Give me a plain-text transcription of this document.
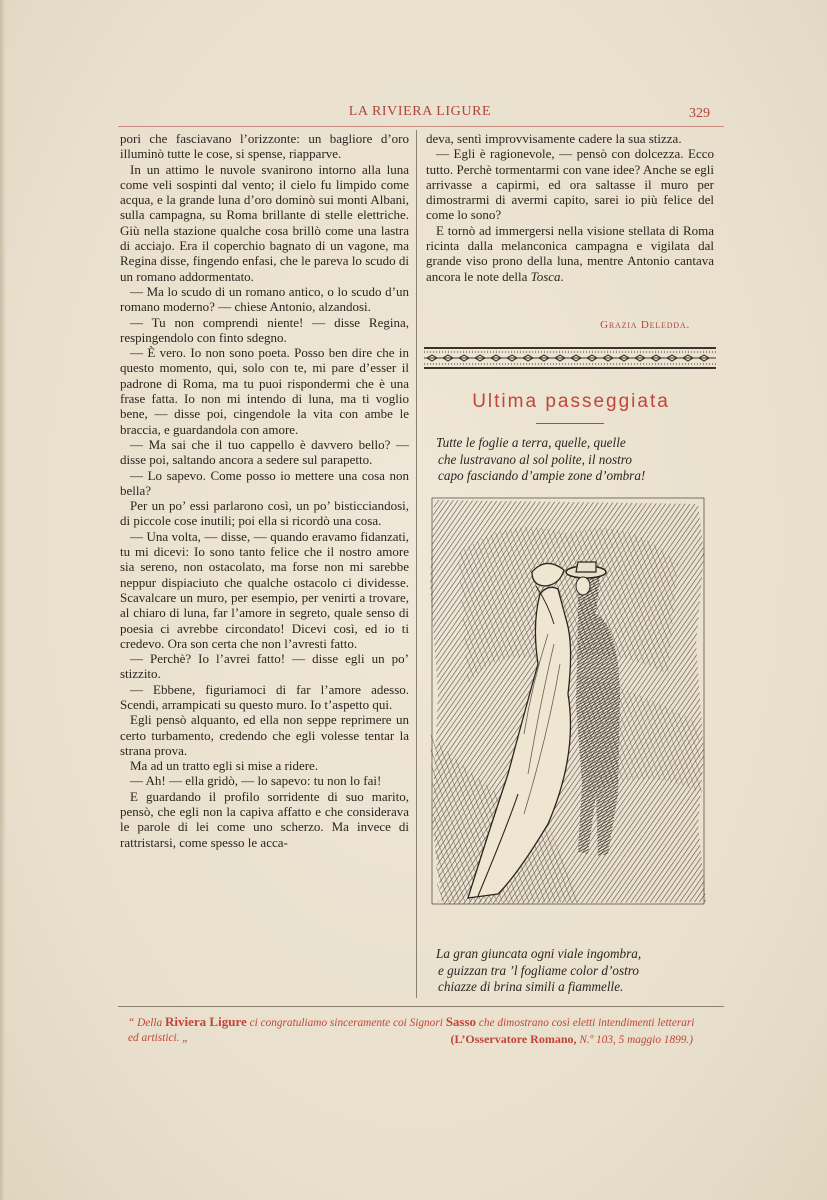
LA RIVIERA LIGURE	329

pori che fasciavano l’orizzonte: un bagliore d’oro illuminò tutte le cose, si spense, riapparve.

In un attimo le nuvole svanirono intorno alla luna come veli sospinti dal vento; il cielo fu limpido come acqua, e la grande luna d’oro dominò sui monti Albani, sulla campagna, su Roma brillante di stelle elettriche. Giù nella stazione qualche cosa brillò come una lastra di acciajo. Era il coperchio bagnato di un vagone, ma Regina disse, fingendo enfasi, che le pareva lo scudo di un romano addormentato.

— Ma lo scudo di un romano antico, o lo scudo d’un romano moderno? — chiese Antonio, alzandosi.

— Tu non comprendi niente! — disse Regina, respingendolo con finto sdegno.

— È vero. Io non sono poeta. Posso ben dire che in questo momento, qui, solo con te, mi pare d’esser il padrone di Roma, ma tu puoi rispondermi che è una frase fatta. Io non mi intendo di luna, ma ti voglio bene, — disse poi, cingendole la vita con ambe le braccia, e guardandola con amore.

— Ma sai che il tuo cappello è davvero bello? — disse poi, saltando ancora a sedere sul parapetto.

— Lo sapevo. Come posso io mettere una cosa non bella?

Per un po’ essi parlarono così, un po’ bisticciandosi, di piccole cose inutili; poi ella si ricordò una cosa.

— Una volta, — disse, — quando eravamo fidanzati, tu mi dicevi: Io sono tanto felice che il nostro amore sia sereno, non ostacolato, ma forse non mi sarebbe neppur dispiaciuto che qualche ostacolo ci dividesse. Scavalcare un muro, per esempio, per venirti a trovare, al chiaro di luna, far l’amore in segreto, quale senso di poesia ci avrebbe circondato! Dicevi così, ed io ti credevo. Ora son certa che non l’avresti fatto.

— Perchè? Io l’avrei fatto! — disse egli un po’ stizzito.

— Ebbene, figuriamoci di far l’amore adesso. Scendi, arrampicati su questo muro. Io t’aspetto qui.

Egli pensò alquanto, ed ella non seppe reprimere un certo turbamento, credendo che egli volesse tentar la strana prova.

Ma ad un tratto egli si mise a ridere.

— Ah! — ella gridò, — lo sapevo: tu non lo fai!

E guardando il profilo sorridente di suo marito, pensò, che egli non la capiva affatto e che considerava le parole di lei come uno scherzo. Ma invece di rattristarsi, come spesso le acca-

deva, sentì improvvisamente cadere la sua stizza.

— Egli è ragionevole, — pensò con dolcezza. Ecco tutto. Perchè tormentarmi con vane idee? Anche se egli arrivasse a capirmi, ed ora saltasse il muro per dimostrarmi di avermi capito, sarei io più felice del come lo sono?

E tornò ad immergersi nella visione stellata di Roma ricinta dalla melanconica campagna e vigilata dal grande viso prono della luna, mentre Antonio cantava ancora le note della Tosca.

Grazia Deledda.
Ultima passeggiata
Tutte le foglie a terra, quelle, quelle
che lustravano al sol polite, il nostro
capo fasciando d’ampie zone d’ombra!
La gran giuncata ogni viale ingombra,
e guizzan tra ’l fogliame color d’ostro
chiazze di brina simili a fiammelle.
“ Della Riviera Ligure ci congratuliamo sinceramente coi Signori Sasso che dimostrano così eletti intendimenti letterari ed artistici. „	(L’Osservatore Romano, N.º 103, 5 maggio 1899.)
